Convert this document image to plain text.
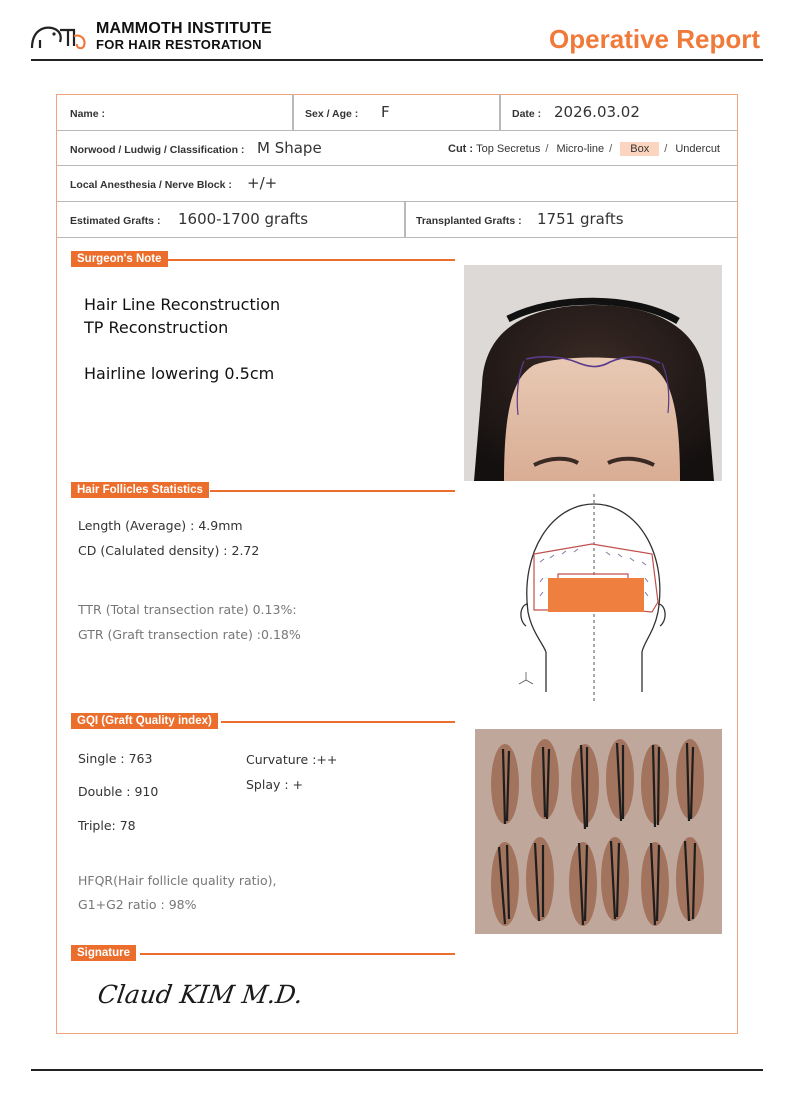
MAMMOTH INSTITUTE
FOR HAIR RESTORATION	Operative Report
Name :	Sex / Age : F	Date : 2026.03.02
Norwood / Ludwig / Classification : M Shape	Cut : Top Secretus / Micro-line / Box / Undercut
Local Anesthesia / Nerve Block : +/+
Estimated Grafts : 1600-1700 grafts	Transplanted Grafts : 1751 grafts
Surgeon's Note
Hair Line Reconstruction
TP Reconstruction
Hairline lowering 0.5cm
Hair Follicles Statistics
Length (Average) : 4.9mm
CD (Calulated density) : 2.72
TTR (Total transection rate) 0.13%:
GTR (Graft transection rate) :0.18%
GQI (Graft Quality index)
Single : 763
Double : 910
Triple: 78
Curvature :++
Splay : +
HFQR(Hair follicle quality ratio),
G1+G2 ratio : 98%
Signature
Claud KIM M.D.
